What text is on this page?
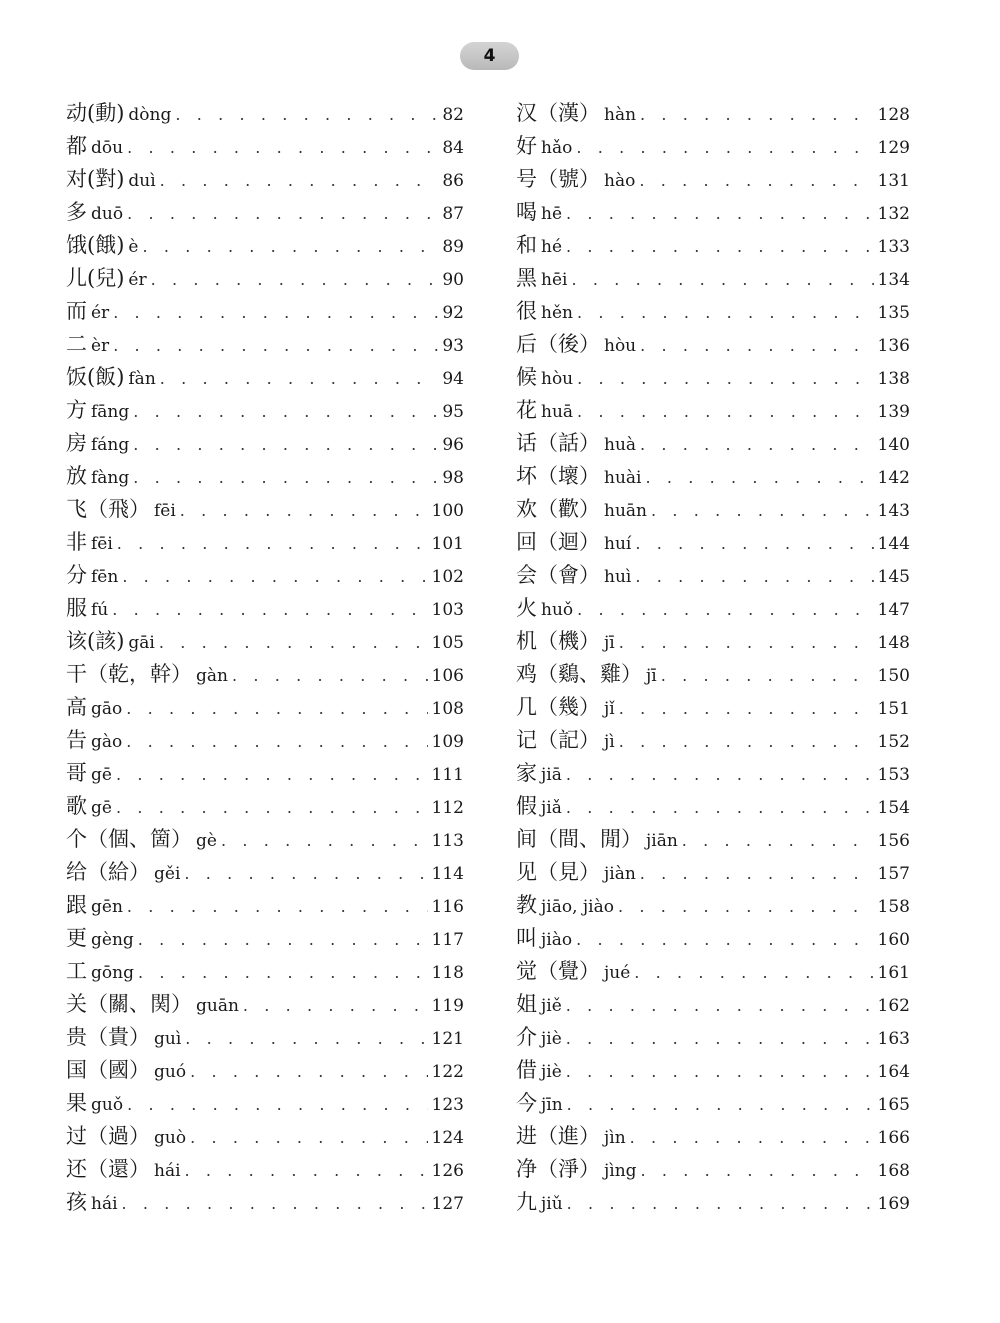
4
动(動) dòng . . .	82
都 dōu . . .	84
对(對) duì . . .	86
多 duō . . .	87
饿(餓) è . . .	89
儿(兒) ér . . .	90
而 ér . . .	92
二 èr . . .	93
饭(飯) fàn . . .	94
方 fāng . . .	95
房 fáng . . .	96
放 fàng . . .	98
飞（飛） fēi . . .	100
非 fēi . . .	101
分 fēn . . .	102
服 fú . . .	103
该(該) gāi . . .	105
干（乾，幹） gàn . . .	106
高 gāo . . .	108
告 gào . . .	109
哥 gē . . .	111
歌 gē . . .	112
个（個、箇） gè . . .	113
给（給） gěi . . .	114
跟 gēn . . .	116
更 gèng . . .	117
工 gōng . . .	118
关（關、関） guān . . .	119
贵（貴） guì . . .	121
国（國） guó . . .	122
果 guǒ . . .	123
过（過） guò . . .	124
还（還） hái . . .	126
孩 hái . . .	127
汉（漢） hàn . . .	128
好 hǎo . . .	129
号（號） hào . . .	131
喝 hē . . .	132
和 hé . . .	133
黑 hēi . . .	134
很 hěn . . .	135
后（後） hòu . . .	136
候 hòu . . .	138
花 huā . . .	139
话（話） huà . . .	140
坏（壞） huài . . .	142
欢（歡） huān . . .	143
回（迴） huí . . .	144
会（會） huì . . .	145
火 huǒ . . .	147
机（機） jī . . .	148
鸡（鷄、雞） jī . . .	150
几（幾） jǐ . . .	151
记（記） jì . . .	152
家 jiā . . .	153
假 jiǎ . . .	154
间（間、閒） jiān . . .	156
见（見） jiàn . . .	157
教 jiāo, jiào . . .	158
叫 jiào . . .	160
觉（覺） jué . . .	161
姐 jiě . . .	162
介 jiè . . .	163
借 jiè . . .	164
今 jīn . . .	165
进（進） jìn . . .	166
净（淨） jìng . . .	168
九 jiǔ . . .	169
